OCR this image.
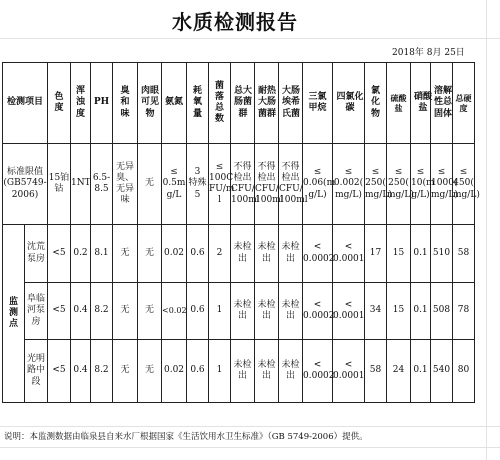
水质检测报告
2018年 8月 25日
检测项目		色度	浑浊度	PH	臭和味	肉眼可见物	氨氮	耗氧量	菌落总数	总大肠菌群	耐热大肠菌群	大肠埃希氏菌	三氯甲烷	四氯化碳	氯化物	硫酸盐	硝酸盐	溶解性总固体	总硬度
标准限值
(GB5749-
2006)		15铂钴	1NT	6.5-
8.5	无异
臭、无异
味	无	≤
0.5m
g/L	3
特殊5	≤
100C
FU/m
l	不得
检出
CFU/
100ml	不得
检出
CFU/
100ml	不得
检出
CFU/
100ml	≤
0.06(m
g/L)	≤
0.002(
mg/L)	≤
250(
mg/L)	≤
250(
mg/L)	≤
10(m
g/L)	≤
1000(
mg/L)	≤
450(
mg/L)
监
测
点	沈荒
泵房	<5	0.2	8.1	无	无	0.02	0.6	2	未检
出	未检
出	未检
出	<
0.0002	<
0.0001	17	15	0.1	510	58
	阜临
河泵
房	<5	0.4	8.2	无	无	<0.02	0.6	1	未检
出	未检
出	未检
出	<
0.0002	<
0.0001	34	15	0.1	508	78
	光明
路中
段	<5	0.4	8.2	无	无	0.02	0.6	1	未检
出	未检
出	未检
出	<
0.0002	<
0.0001	58	24	0.1	540	80
说明：本监测数据由临泉县自来水厂根据国家《生活饮用水卫生标准》（GB 5749-2006）提供。
